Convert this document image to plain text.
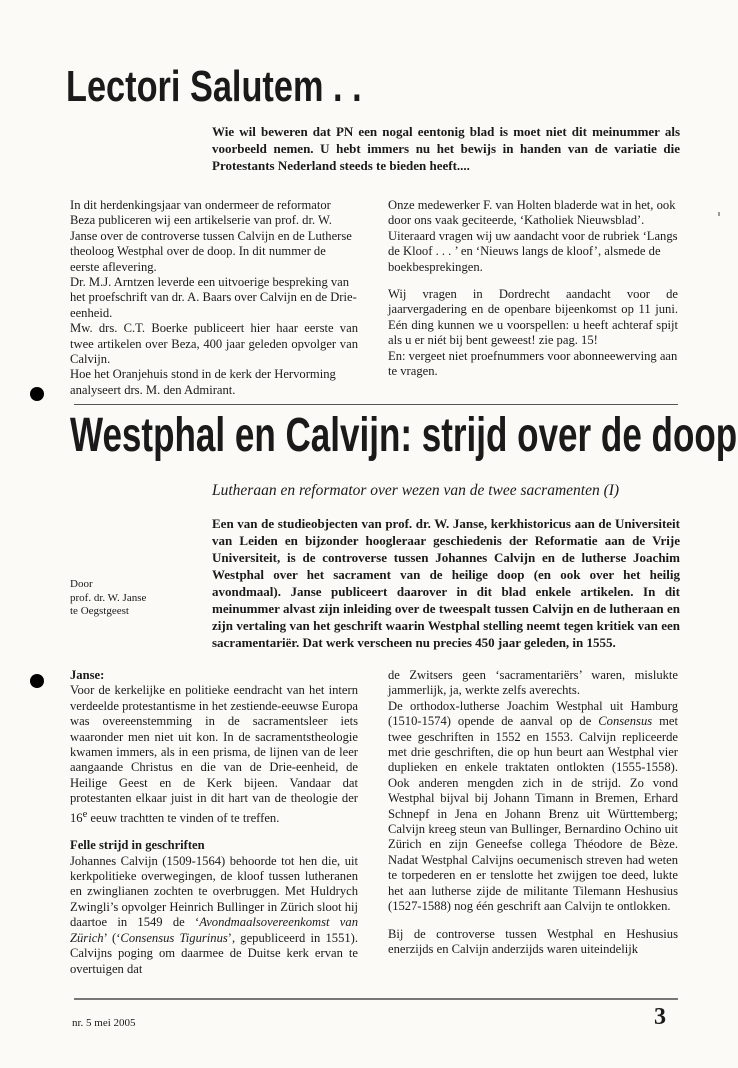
Lectori Salutem . .
Wie wil beweren dat PN een nogal eentonig blad is moet niet dit meinummer als voorbeeld nemen. U hebt immers nu het bewijs in handen van de variatie die Protestants Nederland steeds te bieden heeft....

In dit herdenkingsjaar van ondermeer de reformator Beza publiceren wij een artikelserie van prof. dr. W. Janse over de controverse tussen Calvijn en de Lutherse theoloog Westphal over de doop. In dit nummer de eerste aflevering.

Dr. M.J. Arntzen leverde een uitvoerige bespreking van het proefschrift van dr. A. Baars over Calvijn en de Drie-eenheid.

Mw. drs. C.T. Boerke publiceert hier haar eerste van twee artikelen over Beza, 400 jaar geleden opvolger van Calvijn.

Hoe het Oranjehuis stond in de kerk der Hervorming analyseert drs. M. den Admirant.

Onze medewerker F. van Holten bladerde wat in het, ook door ons vaak geciteerde, ‘Katholiek Nieuwsblad’.

Uiteraard vragen wij uw aandacht voor de rubriek ‘Langs de Kloof . . . ’ en ‘Nieuws langs de kloof’, alsmede de boekbesprekingen.

Wij vragen in Dordrecht aandacht voor de jaarvergadering en de openbare bijeenkomst op 11 juni. Eén ding kunnen we u voorspellen: u heeft achteraf spijt als u er niét bij bent geweest! zie pag. 15!

En: vergeet niet proefnummers voor abonneewerving aan te vragen.

Westphal en Calvijn: strijd over de doop
Lutheraan en reformator over wezen van de twee sacramenten (I)
Een van de studieobjecten van prof. dr. W. Janse, kerkhistoricus aan de Universiteit van Leiden en bijzonder hoogleraar geschiedenis der Reformatie aan de Vrije Universiteit, is de controverse tussen Johannes Calvijn en de lutherse Joachim Westphal over het sacrament van de heilige doop (en ook over het heilig avondmaal). Janse publiceert daarover in dit blad enkele artikelen. In dit meinummer alvast zijn inleiding over de tweespalt tussen Calvijn en de lutheraan en zijn vertaling van het geschrift waarin Westphal stelling neemt tegen kritiek van een sacramentariër. Dat werk verscheen nu precies 450 jaar geleden, in 1555.
Door
prof. dr. W. Janse
te Oegstgeest

Janse:

Voor de kerkelijke en politieke eendracht van het intern verdeelde protestantisme in het zestiende-eeuwse Europa was overeenstemming in de sacramentsleer iets waaronder men niet uit kon. In de sacramentstheologie kwamen immers, als in een prisma, de lijnen van de leer aangaande Christus en die van de Drie-eenheid, de Heilige Geest en de Kerk bijeen. Vandaar dat protestanten elkaar juist in dit hart van de theologie der 16e eeuw trachtten te vinden of te treffen.

Felle strijd in geschriften

Johannes Calvijn (1509-1564) behoorde tot hen die, uit kerkpolitieke overwegingen, de kloof tussen lutheranen en zwinglianen zochten te overbruggen. Met Huldrych Zwingli’s opvolger Heinrich Bullinger in Zürich sloot hij daartoe in 1549 de ‘Avondmaalsovereenkomst van Zürich’ (‘Consensus Tigurinus’, gepubliceerd in 1551). Calvijns poging om daarmee de Duitse kerk ervan te overtuigen dat

de Zwitsers geen ‘sacramentariërs’ waren, mislukte jammerlijk, ja, werkte zelfs averechts.

De orthodox-lutherse Joachim Westphal uit Hamburg (1510-1574) opende de aanval op de Consensus met twee geschriften in 1552 en 1553. Calvijn repliceerde met drie geschriften, die op hun beurt aan Westphal vier duplieken en enkele traktaten ontlokten (1555-1558). Ook anderen mengden zich in de strijd. Zo vond Westphal bijval bij Johann Timann in Bremen, Erhard Schnepf in Jena en Johann Brenz uit Württemberg; Calvijn kreeg steun van Bullinger, Bernardino Ochino uit Zürich en zijn Geneefse collega Théodore de Bèze. Nadat Westphal Calvijns oecumenisch streven had weten te torpederen en er tenslotte het zwijgen toe deed, lukte het aan lutherse zijde de militante Tilemann Heshusius (1527-1588) nog één geschrift aan Calvijn te ontlokken.

Bij de controverse tussen Westphal en Heshusius enerzijds en Calvijn anderzijds waren uiteindelijk

nr. 5 mei 2005	3
